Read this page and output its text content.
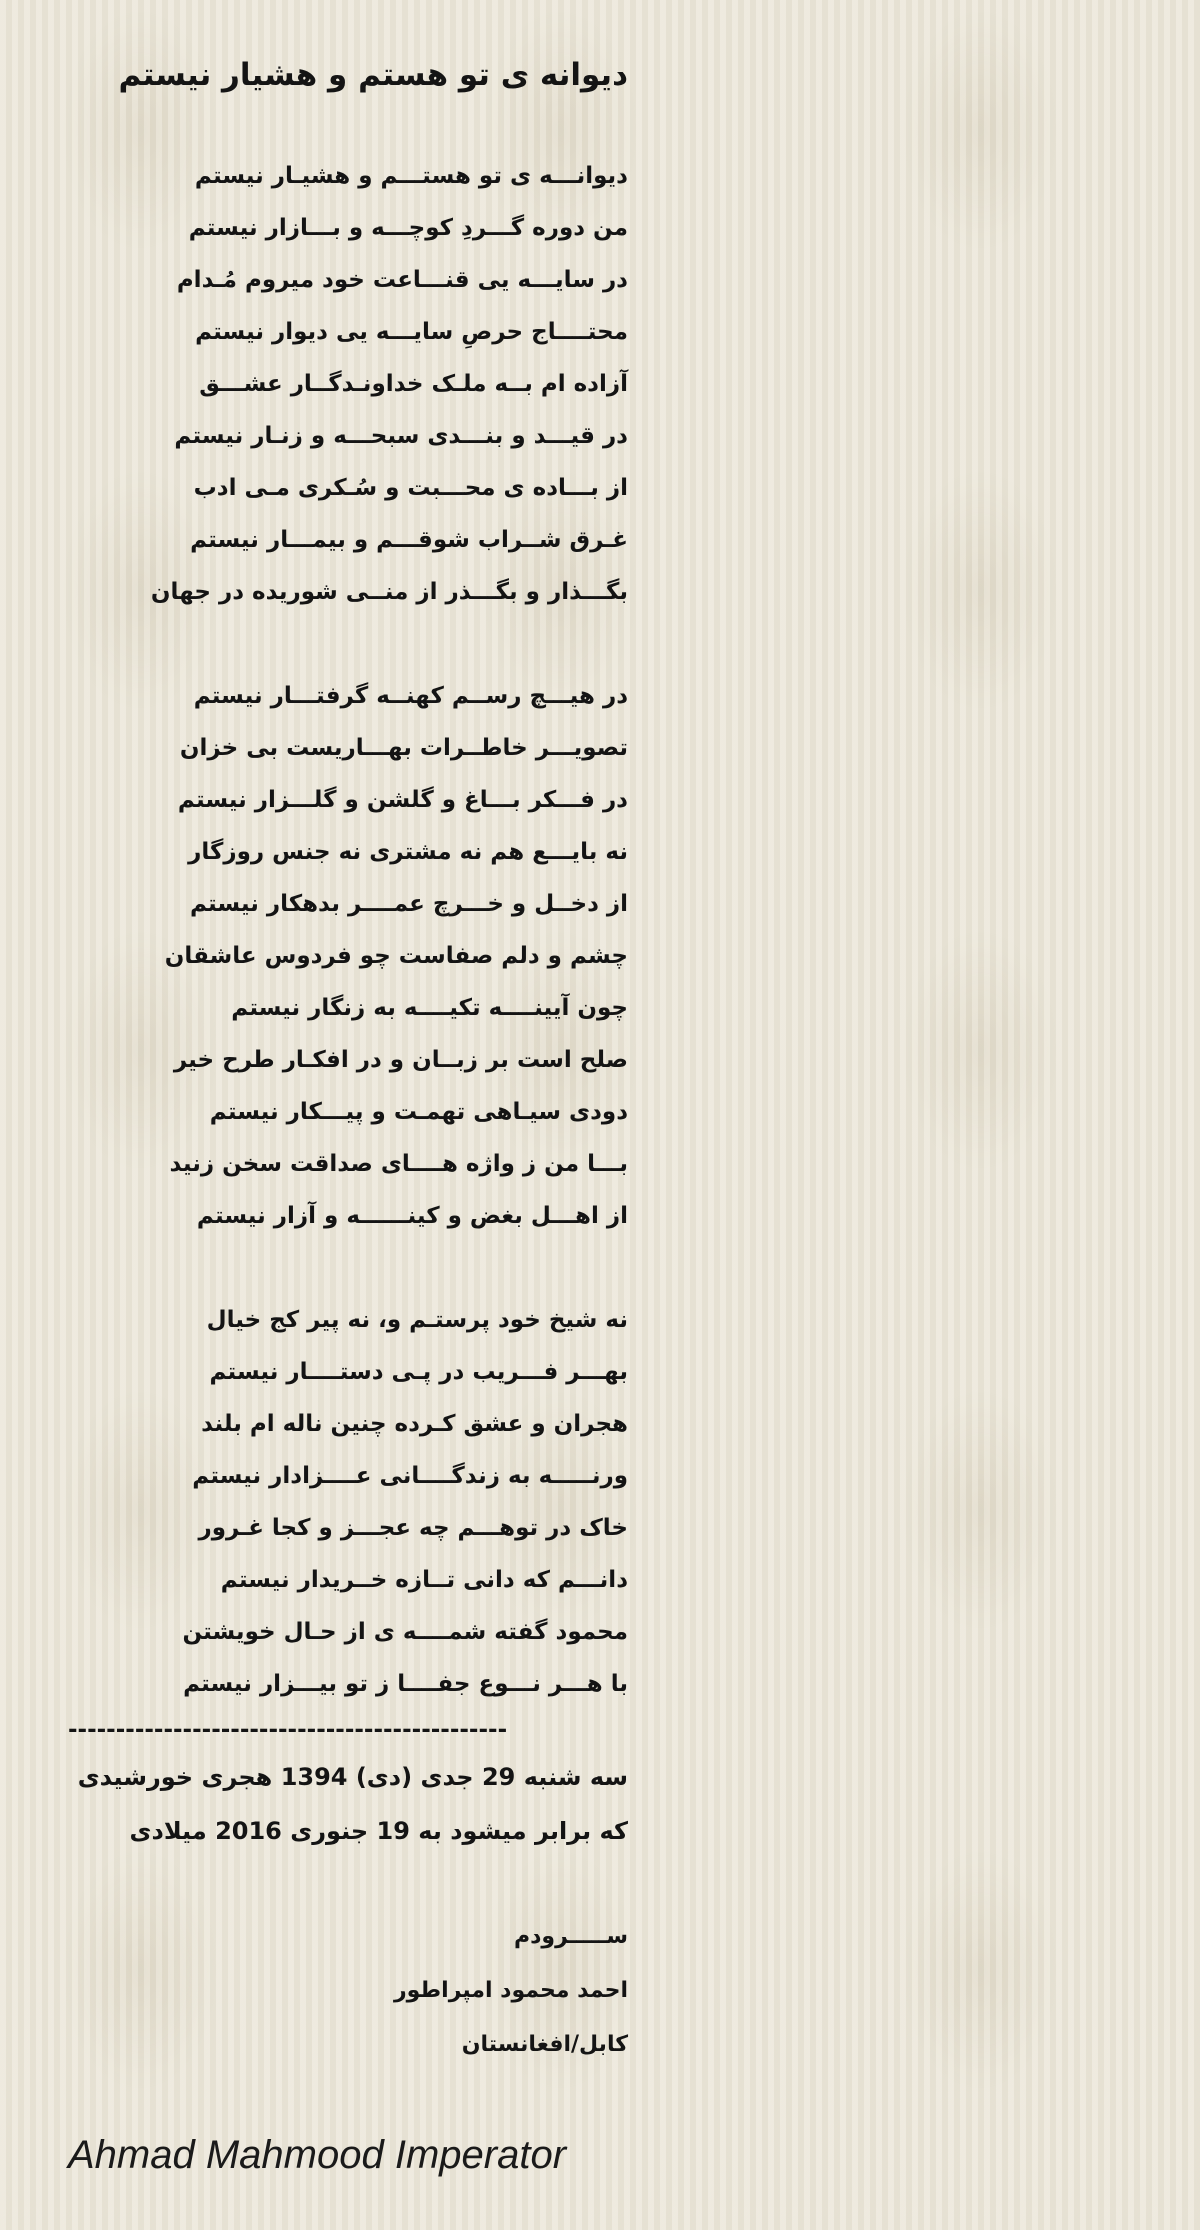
دیوانه ی تو هستم و هشیار نیستم
دیوانـــه ی تو هستـــم و هشیـار نیستم
من دوره گـــردِ کوچـــه و بـــازار نیستم
در سایـــه یی قنـــاعت خود میروم مُـدام
محتــــاج حرصِ سایـــه یی دیوار نیستم
آزاده ام بــه ملـک خداونـدگــار عشـــق
در قیـــد و بنـــدی سبحـــه و زنـار نیستم
از بـــاده ی محـــبت و سُـکری مـی ادب
غـرق شــراب شوقـــم و بیمـــار نیستم
بگـــذار و بگـــذر از منــی شوریده در جهان
در هیـــچ رســم کهنــه گرفتـــار نیستم
تصویـــر خاطــرات بهـــاریست بی خزان
در فـــکر بـــاغ و گلشن و گلـــزار نیستم
نه بایـــع هم نه مشتری نه جنس روزگار
از دخــل و خـــرچ عمــــر بدهکار نیستم
چشم و دلم صفاست چو فردوس عاشقان
چون آیینــــه تکیــــه به زنگار نیستم
صلح است بر زبــان و در افکـار طرح خیر
دودی سیـاهی تهمـت و پیـــکار نیستم
بـــا من ز واژه هــــای صداقت سخن زنید
از اهـــل بغض و کینــــــه و آزار نیستم
نه شیخ خود پرستـم و، نه پیر کج خیال
بهـــر فـــریب در پـی دستــــار نیستم
هجران و عشق کـرده چنین ناله ام بلند
ورنـــــه به زندگــــانی عــــزادار نیستم
خاک در توهـــم چه عجـــز و کجا غـرور
دانـــم که دانی تــازه خــریدار نیستم
محمود گفته شمــــه ی از حـال خویشتن
با هـــر نـــوع جفــــا ز تو بیـــزار نیستم
----------------------------------------------
سه شنبه 29 جدی (دی) 1394 هجری خورشیدی
که برابر میشود به 19 جنوری 2016 میلادی
ســـــرودم
احمد محمود امپراطور
کابل/افغانستان
Ahmad Mahmood Imperator
